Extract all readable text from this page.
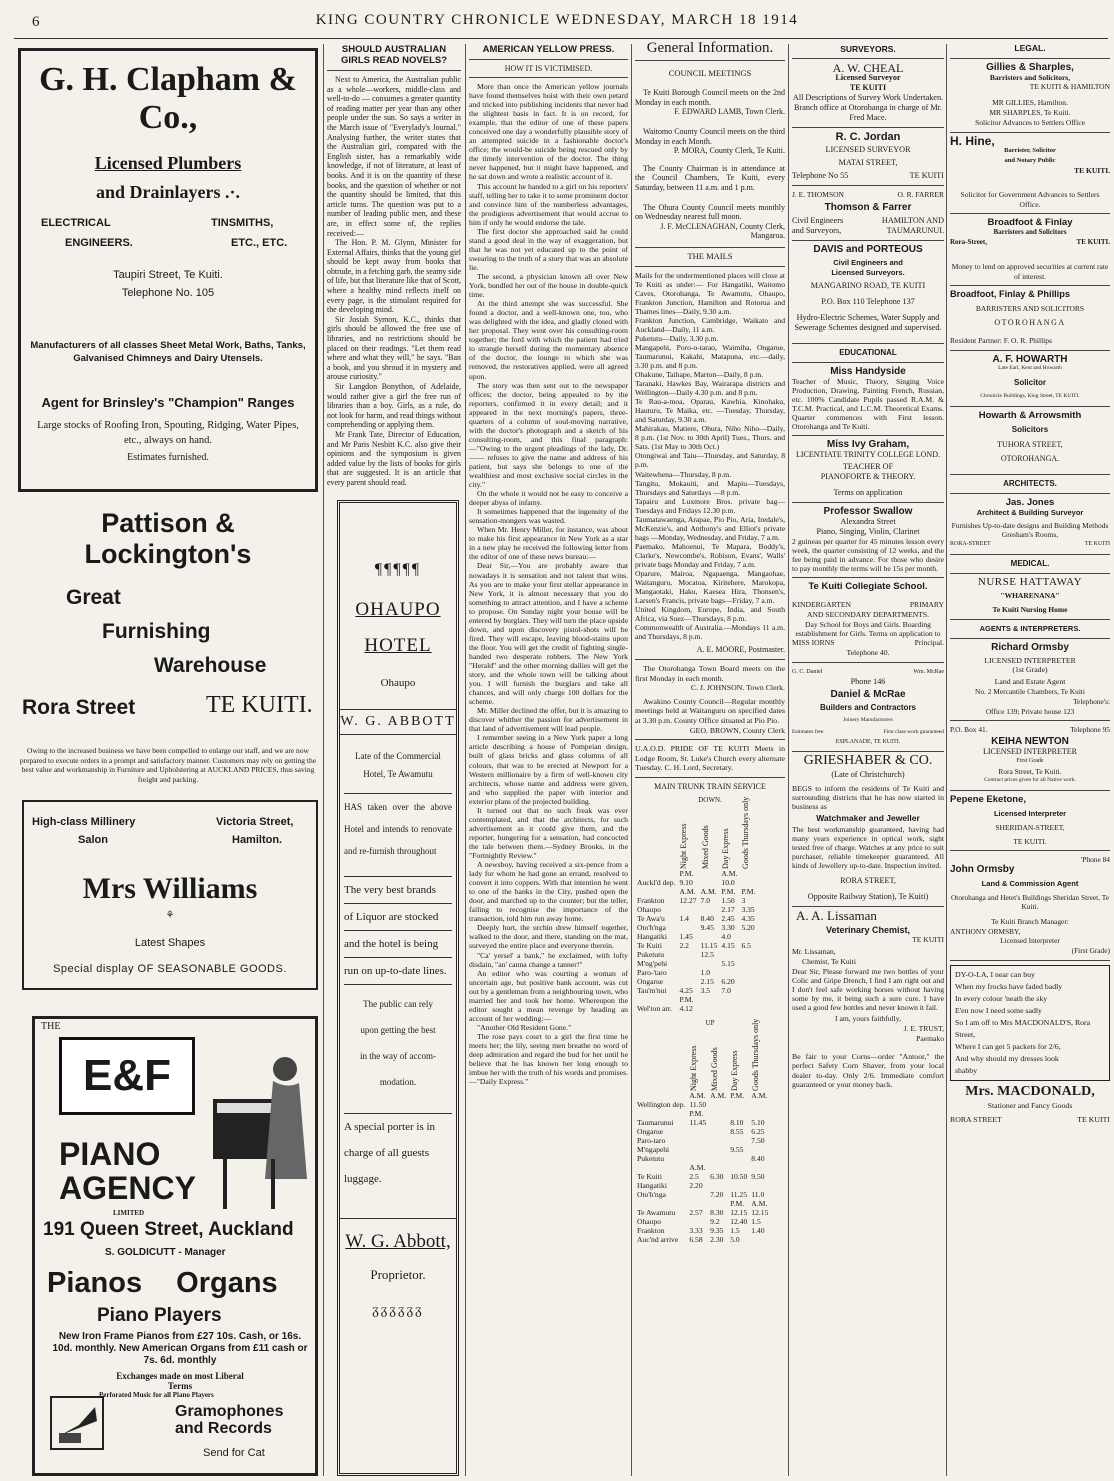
6	KING COUNTRY CHRONICLE WEDNESDAY, MARCH 18 1914
G. H. Clapham & Co.,
Licensed Plumbers
and Drainlayers .·.
ELECTRICAL
ENGINEERS.
TINSMITHS,
ETC., ETC.
Taupiri Street, Te Kuiti.
Telephone No. 105
Manufacturers of all classes Sheet Metal Work, Baths, Tanks, Galvanised Chimneys and Dairy Utensels.
Agent for Brinsley's "Champion" Ranges
Large stocks of Roofing Iron, Spouting, Ridging, Water Pipes, etc., always on hand.
Estimates furnished.
Pattison & Lockington's
Great
Furnishing
Warehouse
Rora Street	TE KUITI.
Owing to the increased business we have been compelled to enlarge our staff, and we are now prepared to execute orders in a prompt and satisfactory manner. Customers may rely on getting the best value and workmanship in Furniture and Upholstering at AUCKLAND PRICES, thus saving freight and packing.
High-class Millinery
Salon
Victoria Street,
Hamilton.
Mrs Williams
⚘
Latest Shapes
Special display OF SEASONABLE GOODS.
THE
E&F
PIANO
AGENCY
LIMITED
191 Queen Street, Auckland
S. GOLDICUTT - Manager
Pianos Organs
Piano Players
New Iron Frame Pianos from £27 10s. Cash, or 16s. 10d. monthly. New American Organs from £11 cash or 7s. 6d. monthly
Exchanges made on most Liberal Terms
Perforated Music for all Piano Players
Gramophones and Records
Send for Cat
SHOULD AUSTRALIAN GIRLS READ NOVELS?

Next to America, the Australian public as a whole—workers, middle-class and well-to-do — consumes a greater quantity of reading matter per year than any other people under the sun. So says a writer in the March issue of "Everylady's Journal." Analysing further, the writer states that the Australian girl, compared with the English sister, has a remarkably wide knowledge, if not of literature, at least of books. And it is on the quantity of these books, and the question of whether or not the quantity should be limited, that this article turns. The question was put to a number of leading public men, and these are, in effect some of, the replies received:—

The Hon. P. M. Glynn, Minister for External Affairs, thinks that the young girl should be kept away from books that obtrude, in a fetching garb, the seamy side of life, but that literature like that of Scott, where a healthy mind reflects itself on every page, is the stimulant required for the developing mind.

Sir Josiah Symon, K.C., thinks that girls should be allowed the free use of libraries, and no restrictions should be placed on their readings. "Let them read where and what they will," he says. "Ban a book, and you shroud it in mystery and arouse curiosity."

Sir Langdon Bonython, of Adelaide, would rather give a girl the free run of libraries than a boy. Girls, as a rule, do not look for harm, and read things without comprehending or applying them.

Mr Frank Tate, Director of Education, and Mr Paris Nesbitt K.C. also give their opinions and the symposium is given added value by the lists of books for girls that are suggested. It is an article that every parent should read.

¶¶¶¶¶
OHAUPO
HOTEL
Ohaupo
W. G. ABBOTT
Late of the Commercial
Hotel, Te Awamutu
HAS taken over the above Hotel and intends to renovate and re-furnish throughout
The very best brands
of Liquor are stocked
and the hotel is being
run on up-to-date lines.
The public can rely
upon getting the best
in the way of accom-
modation.
A special porter is in
charge of all guests
luggage.
W. G. Abbott,
Proprietor.
ᵹᵹᵹᵹᵹᵹ
AMERICAN YELLOW PRESS.
HOW IT IS VICTIMISED.

More than once the American yellow journals have found themselves hoist with their own petard and tricked into publishing incidents that never had the slightest basis in fact. It is on record, for example, that the editor of one of these papers conceived one day a wonderfully plausible story of an attempted suicide in a fashionable doctor's office; the would-be suicide being rescued only by the timely intervention of the doctor. The thing never happened, but it might have happened, and he sat down and wrote a realistic account of it.

This account he handed to a girl on his reporters' staff, telling her to take it to some prominent doctor and convince him of the numberless advantages, the prodigious advertisement that would accrue to him if only he would endorse the tale.

The first doctor she approached said he could stand a good deal in the way of exaggeration, but that he was not yet educated up to the point of swearing to the truth of a story that was an absolute lie.

The second, a physician known all over New York, bundled her out of the house in double-quick time.

At the third attempt she was successful. She found a doctor, and a well-known one, too, who was delighted with the idea, and gladly closed with her proposal. They went over his consulting-room together; the ford with which the patient had tried to strangle herself during the momentary absence of the doctor, the lounge to which she was removed, the restoratives applied, were all agreed upon.

The story was then sent out to the newspaper offices; the doctor, being appealed to by the reporters, confirmed it in every detail; and it appeared in the next morning's papers, three-quarters of a column of soul-moving narrative, with the doctor's photograph and a sketch of his consulting-room, and this final paragraph:—"Owing to the urgent pleadings of the lady, Dr.—— refuses to give the name and address of his patient, but says she belongs to one of the wealthiest and most exclusive social circles in the city."

On the whole it would not be easy to conceive a deeper abyss of infamy.

It sometimes happened that the ingenuity of the sensation-mongers was wasted.

When Mr. Henry Miller, for instance, was about to make his first appearance in New York as a star in a new play he received the following letter from the editor of one of these news bureau:—

Dear Sir,—You are probably aware that nowadays it is sensation and not talent that wins. As you are to make your first stellar appearance in New York, it is almost necessary that you do something to attract attention, and I have a scheme to propose. On Sunday night your house will be entered by burglars. They will turn the place upside down, and upon discovery pistol-shots will be fired. They will escape, leaving blood-stains upon the floor. You will get the credit of fighting single-handed two desperate robbers. The New York "Herald" and the other morning dailies will get the story, and the whole town will be talking about you. I will furnish the burglars and take all chances, and will only charge 100 dollars for the scheme.

Mr. Miller declined the offer, but it is amazing to discover whither the passion for advertisement in that land of advertisement will lead people.

I remember seeing in a New York paper a long article describing a house of Pompeian design, built of glass bricks and glass columns of all colours, that was to be erected at Newport for a Western millionaire by a firm of well-known city architects, whose name and address were given, and who supplied the paper with interior and exterior plans of the projected building.

It turned out that no such freak was ever contemplated, and that the architects, for such advertisement as it could give them, and the reporter, hungering for a sensation, had concocted the tale between them.—Sydney Brooks, in the "Fortnightly Review."

A newsboy, having received a six-pence from a lady for whom he had gone an errand, resolved to convert it into coppers. With that intention he went to one of the banks in the City, pushed open the door, and marched up to the counter; but the teller, failing to recognise the importance of the transaction, told him run away home.

Deeply hurt, the urchin drew himself together, walked to the door, and there, standing on the mat, surveyed the entire place and everyone therein.

"Ca' yersel' a bank," he exclaimed, with lofty disdain, "an' canna change a tanner!"

An editor who was courting a woman of uncertain age, but positive bank account, was cut out by a gentleman from a neighbouring town, who married her and took her home. Whereupon the editor sought a mean revenge by heading an account of her wedding:—

"Another Old Resident Gone."

The rose pays court to a girl the first time he meets her; the lily, seeing men breathe no word of deep admiration and regard the bud for her until he believe that he has known her long enough to imbue her with the truth of his words and promises.—"Daily Express."

General Information.
COUNCIL MEETINGS

Te Kuiti Borough Council meets on the 2nd Monday in each month.

F. EDWARD LAMB, Town Clerk.

Waitomo County Council meets on the third Monday in each Month.

P. MORA, County Clerk, Te Kuiti.

The County Chairman is in attendance at the Council Chambers, Te Kuiti, every Saturday, between 11 a.m. and 1 p.m.

The Ohura County Council meets monthly on Wednesday nearest full moon.

J. F. McCLENAGHAN, County Clerk, Mangaroa.

THE MAILS

Mails for the undermentioned places will close at Te Kuiti as under:— For Hangatiki, Waitomo Caves, Otorohanga, Te Awamutu, Ohaupo, Frankton Junction, Hamilton and Rotorua and Thames lines—Daily, 9.30 a.m.

Frankton Junction, Cambridge, Waikato and Auckland—Daily, 11 a.m.

Puketutu—Daily, 3.30 p.m.

Mangapehi, Poro-o-tarao, Waimiha, Ongarue, Taumarunui, Kakahi, Matapuna, etc.—daily, 3.30 p.m. and 8 p.m.

Ohakune, Taihape, Marton—Daily, 8 p.m.

Taranaki, Hawkes Bay, Wairarapa districts and Wellington—Daily 4.30 p.m. and 8 p.m.

Te Rau-a-moa, Oparau, Kawhia, Kinohaku, Hauturu, Te Maika, etc. —Tuesday, Thursday, and Saturday, 9.30 a.m.

Mahirakau, Matiere, Ohura, Niho Niho—Daily, 8 p.m. (1st Nov. to 30th April) Tues., Thurs. and Sats. (1st May to 30th Oct.)

Otongiwai and Taiu—Thursday, and Saturday, 8 p.m.

Waitewhena—Thursday, 8 p.m.

Tangitu, Mokauiti, and Mapiu—Tuesdays, Thursdays and Saturdays —8 p.m.

Tapairu and Luxmore Bros. private bag—Tuesdays and Fridays 12.30 p.m.

Taumatawaenga, Arapae, Pio Pio, Aria, Iredale's, McKenzie's, and Anthony's and Elliot's private bags —Monday, Wednesday, and Friday, 7 a.m.

Paemako, Mahoenui, Te Mapara, Boddy's, Clarke's, Newcombe's, Robison, Evans', Walls' private bags Monday and Friday, 7 a.m.

Oparure, Mairoa, Ngapaenga, Mangaohae, Waitanguru, Mocatoa, Kiritehere, Marokopa, Mangaotaki, Haku, Kaesea Hira, Thonsen's, Larsen's Francis, private bags—Friday, 7 a.m.

United Kingdom, Europe, India, and South Africa, via Suez—Thursdays, 8 p.m.

Commonwealth of Australia.—Mondays 11 a.m. and Thursdays, 8 p.m.

A. E. MOORE, Postmaster.

The Otorohanga Town Board meets on the first Monday in each month.

C. J. JOHNSON. Town Clerk.

Awakino County Council—Regular monthly meetings held at Waitanguru on specified dates at 3.30 p.m. County Office situated at Pio Pio.

GEO. BROWN, County Clerk

U.A.O.D. PRIDE OF TE KUITI Meets in Lodge Room, St. Luke's Church every alternate Tuesday. C. H. Lord, Secretary.

MAIN TRUNK TRAIN SERVICE
DOWN.

	Night Express	Mixed Goods	Day Express	Goods Thursdays only

	P.M.		A.M.	
Auckl'd dep.	9.10		10.0	
	A.M.	A.M.	P.M.	P.M.
Frankton	12.27	7.0	1.50	3
Ohaupo			2.17	3.35
Te Awa'u	1.4	8.40	2.45	4.35
Oto'h'nga		9.45	3.30	5.20
Hangatiki	1.45		4.0	
Te Kuiti	2.2	11.15	4.15	6.5
Puketutu		12.5		
M'ng'pehi			5.15	
Paro-'taro		1.0		
Ongarue		2.15	6.20	
Tau'm'nui	4.25	3.5	7.0	
	P.M.			
Wel'ton arr.	4.12			
UP

	Night Express	Mixed Goods	Day Express	Goods Thursdays only

	A.M.	A.M.	P.M.	A.M.
Wellington dep.	11.50			
	P.M.			
Taumarunui	11.45		8.10	5.10
Ongarue			8.55	6.25
Paro-taro				7.50
M'ngapehi			9.55	
Puketutu				8.40
	A.M.			
Te Kuiti	2.5	6.30	10.50	9.50
Hangatiki	2.20			
Oto'h'nga		7.20	11.25	11.0
			P.M.	A.M.
Te Awamutu	2.57	8.30	12.15	12.15
Ohaupo		9.2	12.40	1.5
Frankton	3.33	9.35	1.5	1.40
Auc'nd arrive	6.58	2.30	5.0	
SURVEYORS.
A. W. CHEAL
Licensed Surveyor
TE KUITI
All Descriptions of Survey Work Undertaken.
Branch office at Otorohanga in charge of Mr. Fred Mace.
R. C. Jordan
LICENSED SURVEYOR
MATAI STREET,
Telephone No 55	TE KUITI
J. E. THOMSON	O. R. FARRER
Thomson & Farrer
Civil Engineers	HAMILTON AND
and Surveyors,	TAUMARUNUI.
DAVIS and PORTEOUS
Civil Engineers and
Licensed Surveyors.
MANGARINO ROAD, TE KUITI
P.O. Box 110 Telephone 137
Hydro-Electric Schemes, Water Supply and Sewerage Schemes designed and supervised.
EDUCATIONAL
Miss Handyside
Teacher of Music, Theory, Singing Voice Production, Drawing, Painting French, Russian, etc. 100% Candidate Pupils passed R.A.M. & T.C.M. Practical, and L.C.M. Theoretical Exams. Quarter commences with First lesson. Otorohanga and Te Kuiti.
Miss Ivy Graham,
LICENTIATE TRINITY COLLEGE LOND.
TEACHER OF
PIANOFORTE & THEORY.
Terms on application
Professor Swallow
Alexandra Street
Piano, Singing, Violin, Clarinet
2 guineas per quarter for 45 minutes lesson every week, the quarter consisting of 12 weeks, and the fee being paid in advance. For those who desire to pay monthly the terms will be 15s per month.
Te Kuiti Collegiate School.
KINDERGARTEN	PRIMARY
AND SECONDARY DEPARTMENTS.
Day School for Boys and Girls. Boarding establishment for Girls. Terms on application to
MISS IORNS	Principal.
Telephone 40.
G. C. Daniel	Wm. McRae
Phone 146
Daniel & McRae
Builders and Contractors
Joinery Manufacturers
Estimates free.	First class work guaranteed
ESPLANADE, TE KUITI.
GRIESHABER & CO.
(Late of Christchurch)
BEGS to inform the residents of Te Kuiti and surrounding districts that he has now started in business as
Watchmaker and Jeweller
The best workmanship guaranteed, having had many years experience in optical work, sight tested free of charge. Watches at any price to suit purchaser, reliable timekeeper guaranteed. All kinds of Jewellery up-to-date. Inspection invited.
RORA STREET,
Opposite Railway Station), Te Kuiti)
A. A. Lissaman
Veterinary Chemist,
TE KUITI
Mr. Lissaman,
Chemist, Te Kuiti
Dear Sir, Please forward me two bottles of your Colic and Gripe Drench, I find I am right out and I don't feel safe working horses without having some by me, it being such a sure cure. I have used a good few bottles and never known it fail.
I am, yours faithfully,
J. E. TRUST,
Paemako
Be fair to your Corns—order "Antoor," the perfect Safety Corn Shaver, from your local dealer to-day. Only 2/6. Immediate comfort guaranteed or your money back.
LEGAL.
Gillies & Sharples,
Barristers and Solicitors,
TE KUITI & HAMILTON
MR GILLIES, Hamilton.
MR SHARPLES, Te Kuiti.
Solicitor Advances to Settlers Office
H. Hine,
Barrister, Solicitor
and Notary Public
TE KUITI.
Solicitor for Government Advances to Settlers Office.
Broadfoot & Finlay
Barristers and Solicitors
Rora-Street,	TE KUITI.
Money to lend on approved securities at current rate of interest.
Broadfoot, Finlay & Phillips
BARRISTERS AND SOLICITORS
OTOROHANGA
Resident Partner: F. O. R. Phillips
A. F. HOWARTH
Late Earl, Kent and Howarth
Solicitor
Chronicle Buildings, King Street, TE KUITI.
Howarth & Arrowsmith
Solicitors
TUHORA STREET,
OTOROHANGA.
ARCHITECTS.
Jas. Jones
Architect & Building Surveyor
Furnishes Up-to-date designs and Building Methods
Gresham's Rooms,
RORA-STREET	TE KUITI
MEDICAL.
NURSE HATTAWAY
"WHARENANA"
Te Kuiti Nursing Home
AGENTS & INTERPRETERS.
Richard Ormsby
LICENSED INTERPRETER
(1st Grade)
Land and Estate Agent
No. 2 Mercantile Chambers, Te Kuiti
Telephone's:
Office 139; Private house 123
P.O. Box 41.	Telephone 95
KEIHA NEWTON
LICENSED INTERPRETER
First Grade
Rora Street, Te Kuiti.
Contract prices given for all Native work.
Pepene Eketone,
Licensed Interpreter
SHERIDAN-STREET,
TE KUITI.
'Phone 84
John Ormsby
Land & Commission Agent
Otorohanga and Hetet's Buildings Sheridan Street, Te Kuiti.
Te Kuiti Branch Manager:
ANTHONY ORMSBY,
Licensed Interpreter
(First Grade)
DY-O-LA, I near can buy
When my frocks have faded badly
In every colour 'neath the sky
E'en now I need some sadly
So I am off to Mrs MACDONALD'S, Rora Street,
Where I can get 5 packets for 2/6,
And why should my dresses look
shabby
Mrs. MACDONALD,
Stationer and Fancy Goods
RORA STREET	TE KUITI
